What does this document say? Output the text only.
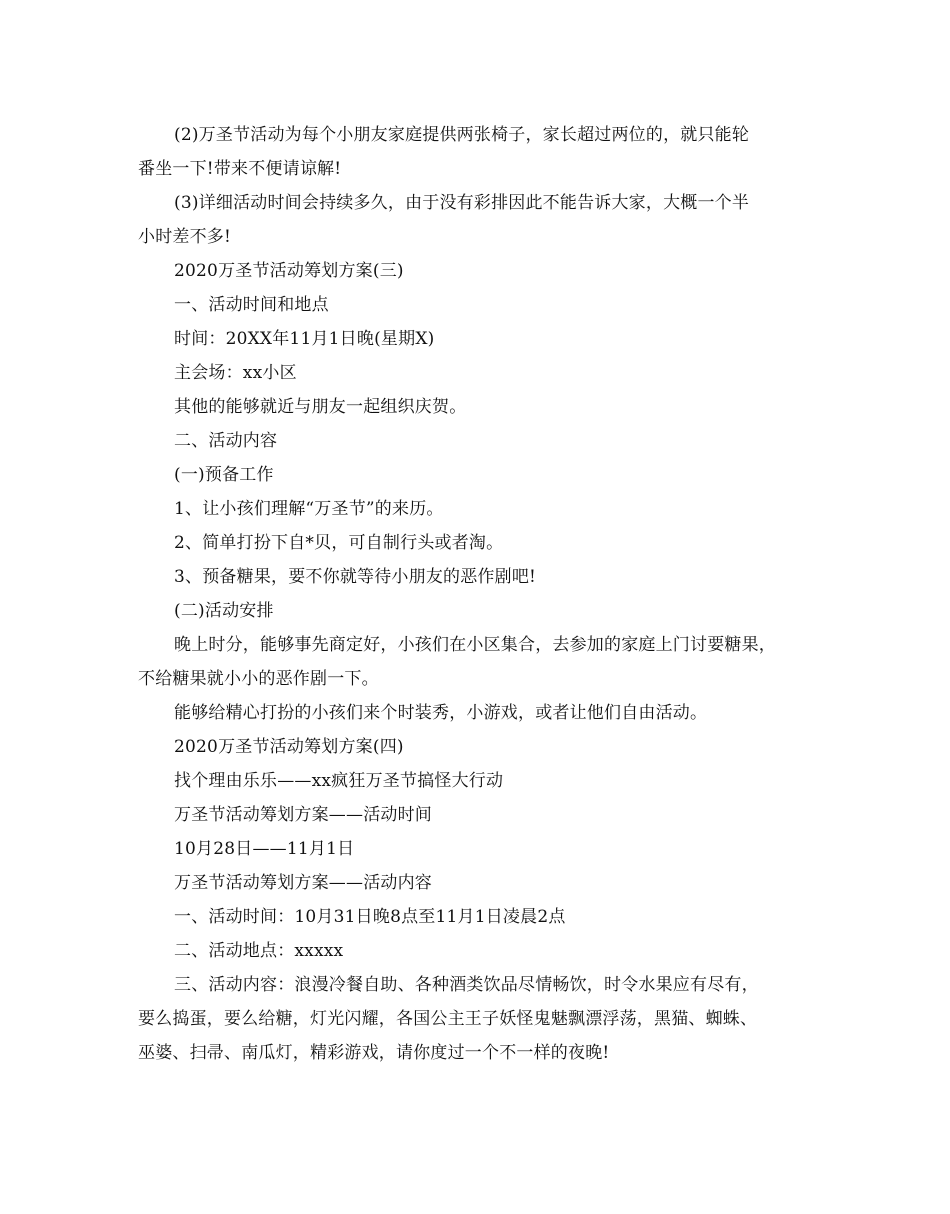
(2)万圣节活动为每个小朋友家庭提供两张椅子，家长超过两位的，就只能轮
番坐一下!带来不便请谅解!
(3)详细活动时间会持续多久，由于没有彩排因此不能告诉大家，大概一个半
小时差不多!
2020万圣节活动筹划方案(三)
一、活动时间和地点
时间：20XX年11月1日晚(星期X)
主会场：xx小区
其他的能够就近与朋友一起组织庆贺。
二、活动内容
(一)预备工作
1、让小孩们理解“万圣节”的来历。
2、简单打扮下自*贝，可自制行头或者淘。
3、预备糖果，要不你就等待小朋友的恶作剧吧!
(二)活动安排
晚上时分，能够事先商定好，小孩们在小区集合，去参加的家庭上门讨要糖果，
不给糖果就小小的恶作剧一下。
能够给精心打扮的小孩们来个时装秀，小游戏，或者让他们自由活动。
2020万圣节活动筹划方案(四)
找个理由乐乐——xx疯狂万圣节搞怪大行动
万圣节活动筹划方案——活动时间
10月28日——11月1日
万圣节活动筹划方案——活动内容
一、活动时间：10月31日晚8点至11月1日凌晨2点
二、活动地点：xxxxx
三、活动内容：浪漫冷餐自助、各种酒类饮品尽情畅饮，时令水果应有尽有，
要么捣蛋，要么给糖，灯光闪耀，各国公主王子妖怪鬼魅飘漂浮荡，黑猫、蜘蛛、
巫婆、扫帚、南瓜灯，精彩游戏，请你度过一个不一样的夜晚!
